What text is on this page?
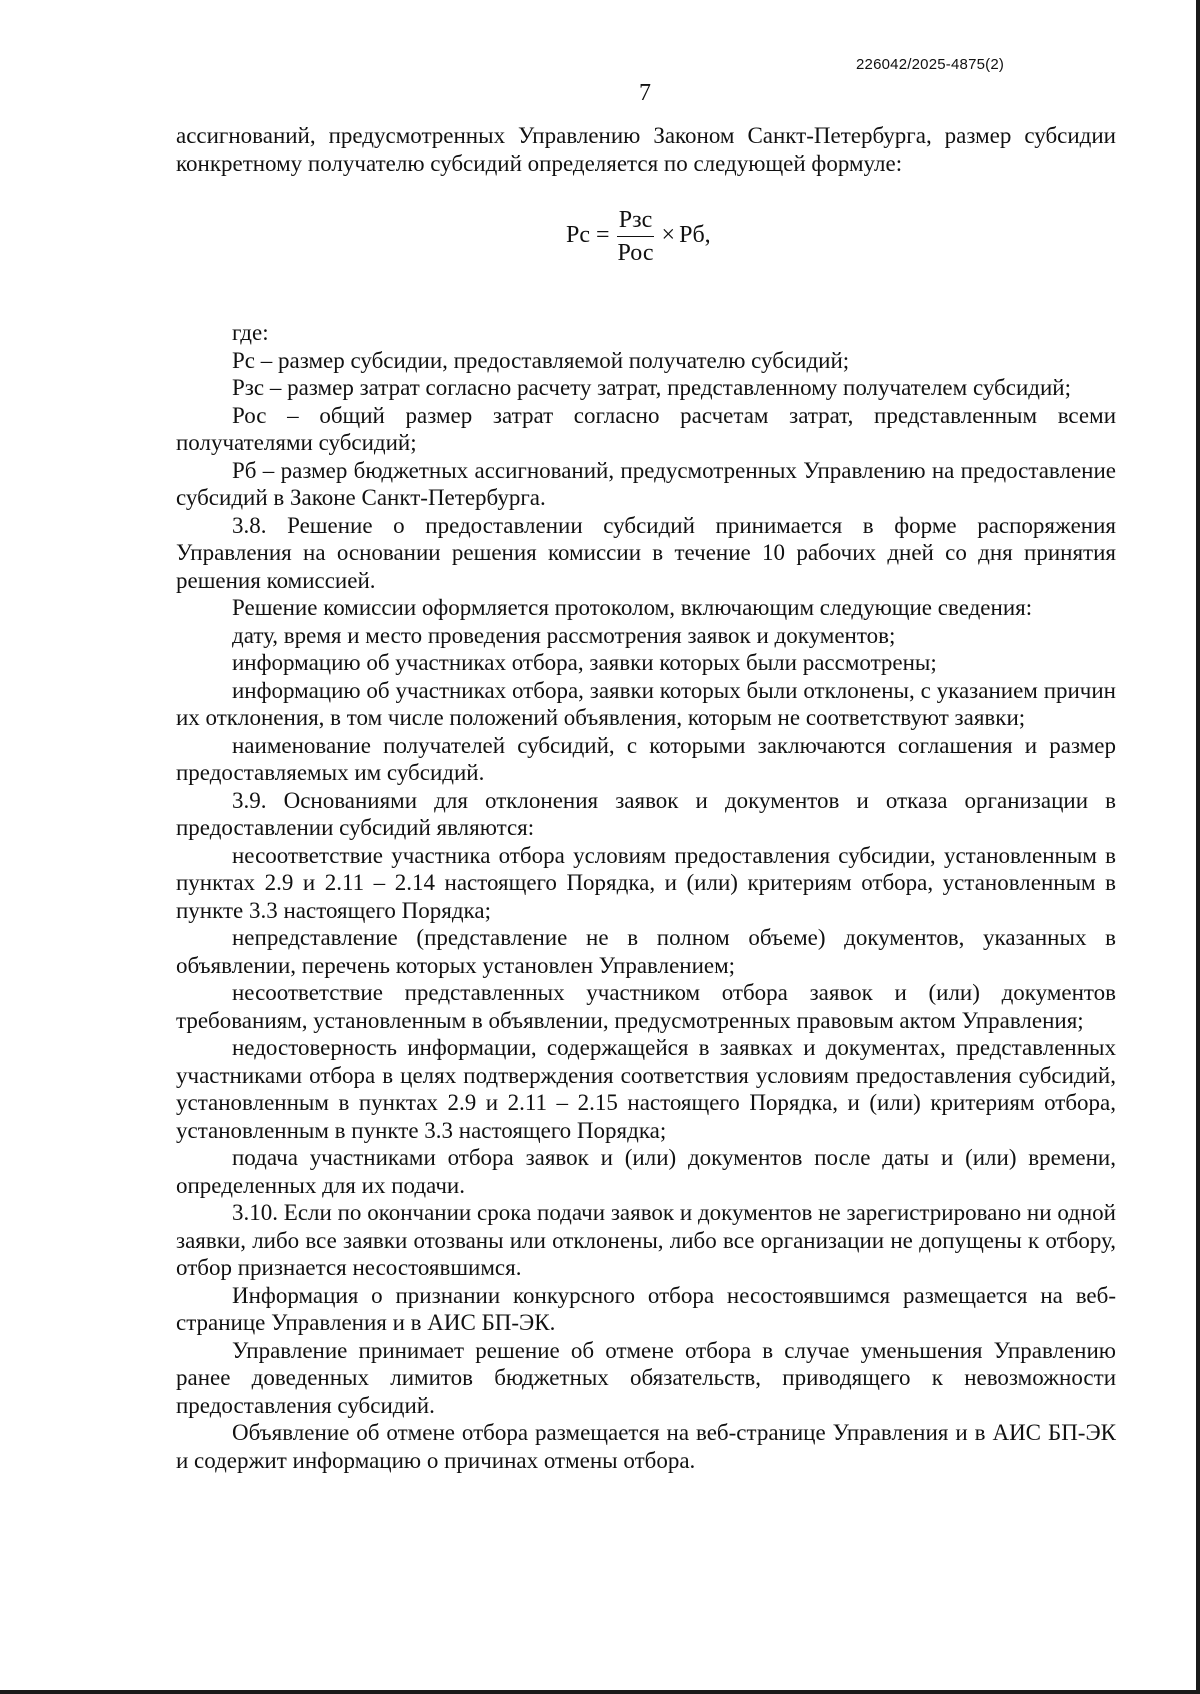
226042/2025-4875(2)
7

ассигнований, предусмотренных Управлению Законом Санкт-Петербурга, размер субсидии конкретному получателю субсидий определяется по следующей формуле:

Рс = $\frac{\text{Рзс}}{\text{Рос}}$ × Рб,

где:

Рс – размер субсидии, предоставляемой получателю субсидий;

Рзс – размер затрат согласно расчету затрат, представленному получателем субсидий;

Рос – общий размер затрат согласно расчетам затрат, представленным всеми получателями субсидий;

Рб – размер бюджетных ассигнований, предусмотренных Управлению на предоставление субсидий в Законе Санкт-Петербурга.

3.8. Решение о предоставлении субсидий принимается в форме распоряжения Управления на основании решения комиссии в течение 10 рабочих дней со дня принятия решения комиссией.

Решение комиссии оформляется протоколом, включающим следующие сведения:

дату, время и место проведения рассмотрения заявок и документов;

информацию об участниках отбора, заявки которых были рассмотрены;

информацию об участниках отбора, заявки которых были отклонены, с указанием причин их отклонения, в том числе положений объявления, которым не соответствуют заявки;

наименование получателей субсидий, с которыми заключаются соглашения и размер предоставляемых им субсидий.

3.9. Основаниями для отклонения заявок и документов и отказа организации в предоставлении субсидий являются:

несоответствие участника отбора условиям предоставления субсидии, установленным в пунктах 2.9 и 2.11 – 2.14 настоящего Порядка, и (или) критериям отбора, установленным в пункте 3.3 настоящего Порядка;

непредставление (представление не в полном объеме) документов, указанных в объявлении, перечень которых установлен Управлением;

несоответствие представленных участником отбора заявок и (или) документов требованиям, установленным в объявлении, предусмотренных правовым актом Управления;

недостоверность информации, содержащейся в заявках и документах, представленных участниками отбора в целях подтверждения соответствия условиям предоставления субсидий, установленным в пунктах 2.9 и 2.11 – 2.15 настоящего Порядка, и (или) критериям отбора, установленным в пункте 3.3 настоящего Порядка;

подача участниками отбора заявок и (или) документов после даты и (или) времени, определенных для их подачи.

3.10. Если по окончании срока подачи заявок и документов не зарегистрировано ни одной заявки, либо все заявки отозваны или отклонены, либо все организации не допущены к отбору, отбор признается несостоявшимся.

Информация о признании конкурсного отбора несостоявшимся размещается на веб-странице Управления и в АИС БП-ЭК.

Управление принимает решение об отмене отбора в случае уменьшения Управлению ранее доведенных лимитов бюджетных обязательств, приводящего к невозможности предоставления субсидий.

Объявление об отмене отбора размещается на веб-странице Управления и в АИС БП-ЭК и содержит информацию о причинах отмены отбора.
